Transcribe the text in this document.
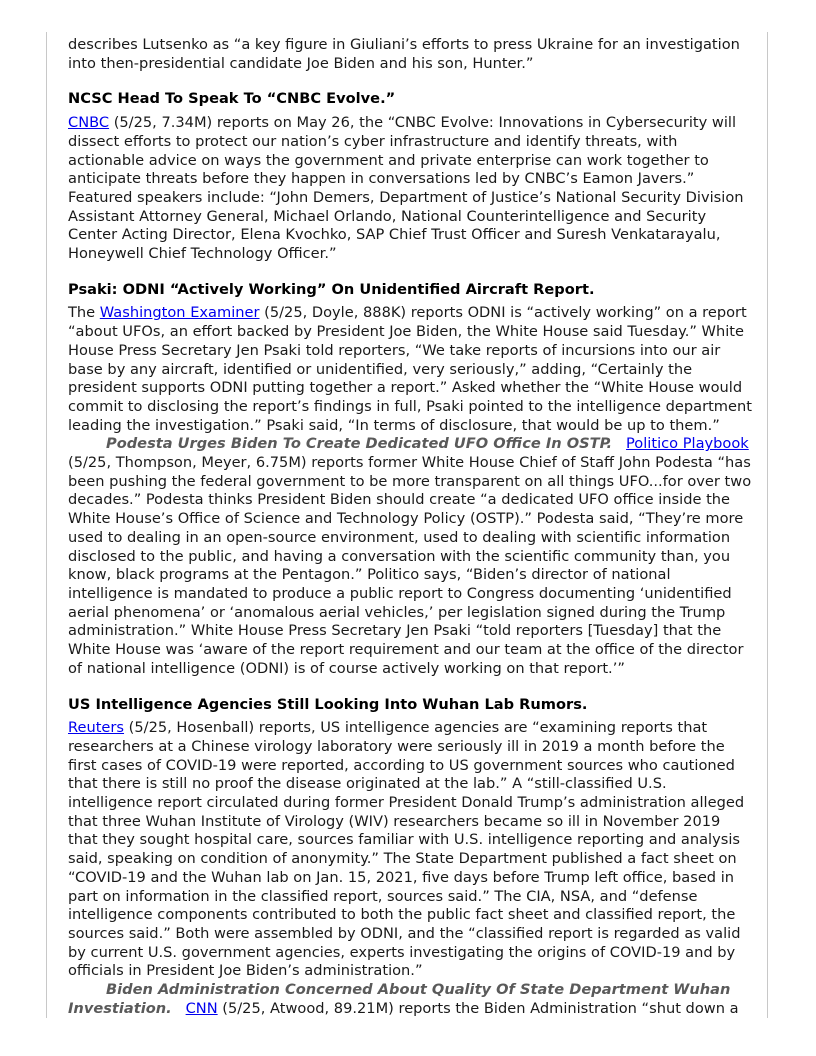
describes Lutsenko as “a key figure in Giuliani’s efforts to press Ukraine for an investigation into then-presidential candidate Joe Biden and his son, Hunter.”

NCSC Head To Speak To “CNBC Evolve.”

CNBC (5/25, 7.34M) reports on May 26, the “CNBC Evolve: Innovations in Cybersecurity will dissect efforts to protect our nation’s cyber infrastructure and identify threats, with actionable advice on ways the government and private enterprise can work together to anticipate threats before they happen in conversations led by CNBC’s Eamon Javers.” Featured speakers include: “John Demers, Department of Justice’s National Security Division Assistant Attorney General, Michael Orlando, National Counterintelligence and Security Center Acting Director, Elena Kvochko, SAP Chief Trust Officer and Suresh Venkatarayalu, Honeywell Chief Technology Officer.”

Psaki: ODNI “Actively Working” On Unidentified Aircraft Report.

The Washington Examiner (5/25, Doyle, 888K) reports ODNI is “actively working” on a report “about UFOs, an effort backed by President Joe Biden, the White House said Tuesday.” White House Press Secretary Jen Psaki told reporters, “We take reports of incursions into our air base by any aircraft, identified or unidentified, very seriously,” adding, “Certainly the president supports ODNI putting together a report.” Asked whether the “White House would commit to disclosing the report’s findings in full, Psaki pointed to the intelligence department leading the investigation.” Psaki said, “In terms of disclosure, that would be up to them.”

Podesta Urges Biden To Create Dedicated UFO Office In OSTP. Politico Playbook (5/25, Thompson, Meyer, 6.75M) reports former White House Chief of Staff John Podesta “has been pushing the federal government to be more transparent on all things UFO...for over two decades.” Podesta thinks President Biden should create “a dedicated UFO office inside the White House’s Office of Science and Technology Policy (OSTP).” Podesta said, “They’re more used to dealing in an open-source environment, used to dealing with scientific information disclosed to the public, and having a conversation with the scientific community than, you know, black programs at the Pentagon.” Politico says, “Biden’s director of national intelligence is mandated to produce a public report to Congress documenting ‘unidentified aerial phenomena’ or ‘anomalous aerial vehicles,’ per legislation signed during the Trump administration.” White House Press Secretary Jen Psaki “told reporters [Tuesday] that the White House was ‘aware of the report requirement and our team at the office of the director of national intelligence (ODNI) is of course actively working on that report.’”

US Intelligence Agencies Still Looking Into Wuhan Lab Rumors.

Reuters (5/25, Hosenball) reports, US intelligence agencies are “examining reports that researchers at a Chinese virology laboratory were seriously ill in 2019 a month before the first cases of COVID-19 were reported, according to US government sources who cautioned that there is still no proof the disease originated at the lab.” A “still-classified U.S. intelligence report circulated during former President Donald Trump’s administration alleged that three Wuhan Institute of Virology (WIV) researchers became so ill in November 2019 that they sought hospital care, sources familiar with U.S. intelligence reporting and analysis said, speaking on condition of anonymity.” The State Department published a fact sheet on “COVID-19 and the Wuhan lab on Jan. 15, 2021, five days before Trump left office, based in part on information in the classified report, sources said.” The CIA, NSA, and “defense intelligence components contributed to both the public fact sheet and classified report, the sources said.” Both were assembled by ODNI, and the “classified report is regarded as valid by current U.S. government agencies, experts investigating the origins of COVID-19 and by officials in President Joe Biden’s administration.”

Biden Administration Concerned About Quality Of State Department Wuhan Investiation. CNN (5/25, Atwood, 89.21M) reports the Biden Administration “shut down a
